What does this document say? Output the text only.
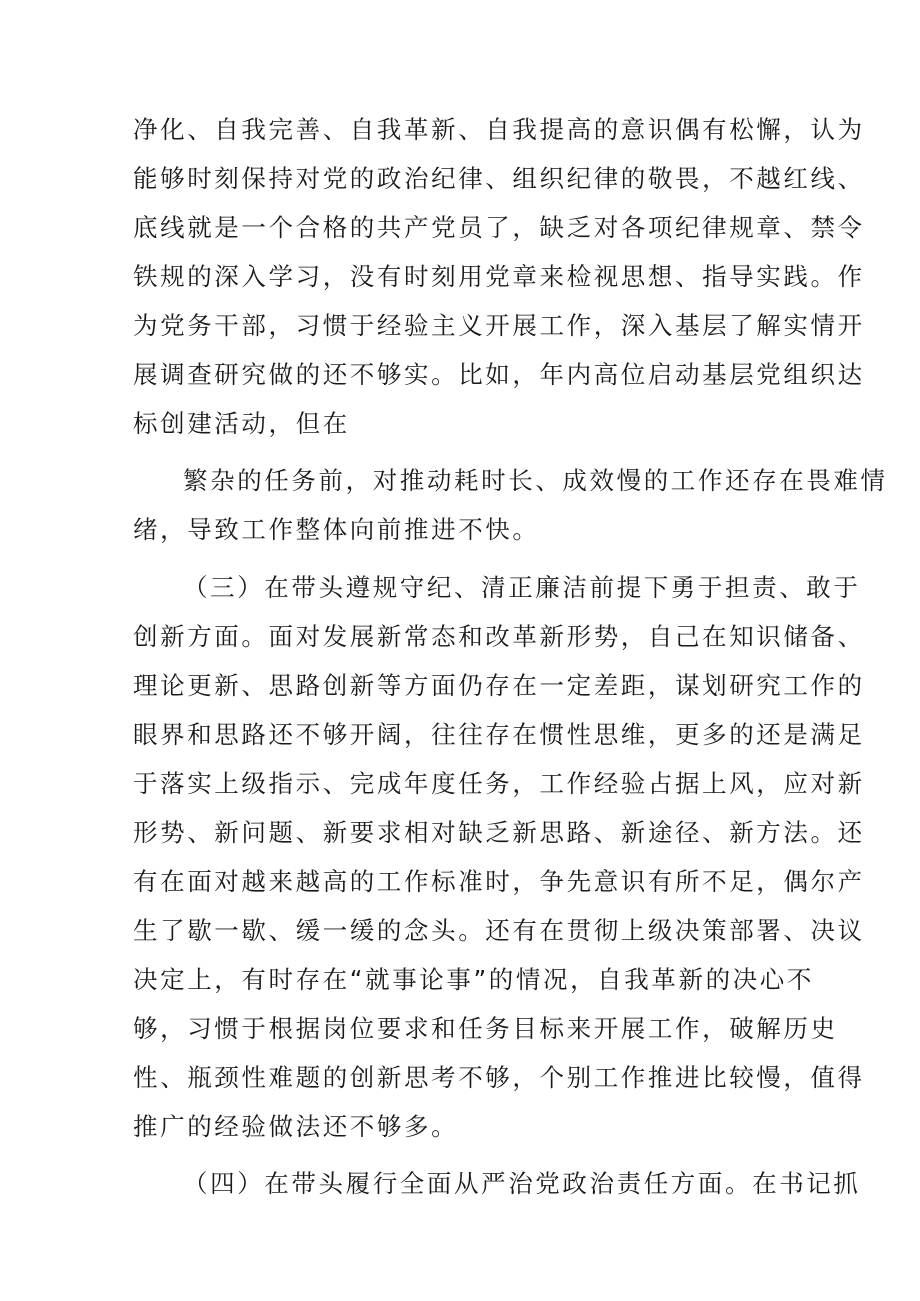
净化、自我完善、自我革新、自我提高的意识偶有松懈，认为
能够时刻保持对党的政治纪律、组织纪律的敬畏，不越红线、
底线就是一个合格的共产党员了，缺乏对各项纪律规章、禁令
铁规的深入学习，没有时刻用党章来检视思想、指导实践。作
为党务干部，习惯于经验主义开展工作，深入基层了解实情开
展调查研究做的还不够实。比如，年内高位启动基层党组织达
标创建活动，但在
繁杂的任务前，对推动耗时长、成效慢的工作还存在畏难情
绪，导致工作整体向前推进不快。
（三）在带头遵规守纪、清正廉洁前提下勇于担责、敢于
创新方面。面对发展新常态和改革新形势，自己在知识储备、
理论更新、思路创新等方面仍存在一定差距，谋划研究工作的
眼界和思路还不够开阔，往往存在惯性思维，更多的还是满足
于落实上级指示、完成年度任务，工作经验占据上风，应对新
形势、新问题、新要求相对缺乏新思路、新途径、新方法。还
有在面对越来越高的工作标准时，争先意识有所不足，偶尔产
生了歇一歇、缓一缓的念头。还有在贯彻上级决策部署、决议
决定上，有时存在“就事论事”的情况，自我革新的决心不
够，习惯于根据岗位要求和任务目标来开展工作，破解历史
性、瓶颈性难题的创新思考不够，个别工作推进比较慢，值得
推广的经验做法还不够多。
（四）在带头履行全面从严治党政治责任方面。在书记抓
